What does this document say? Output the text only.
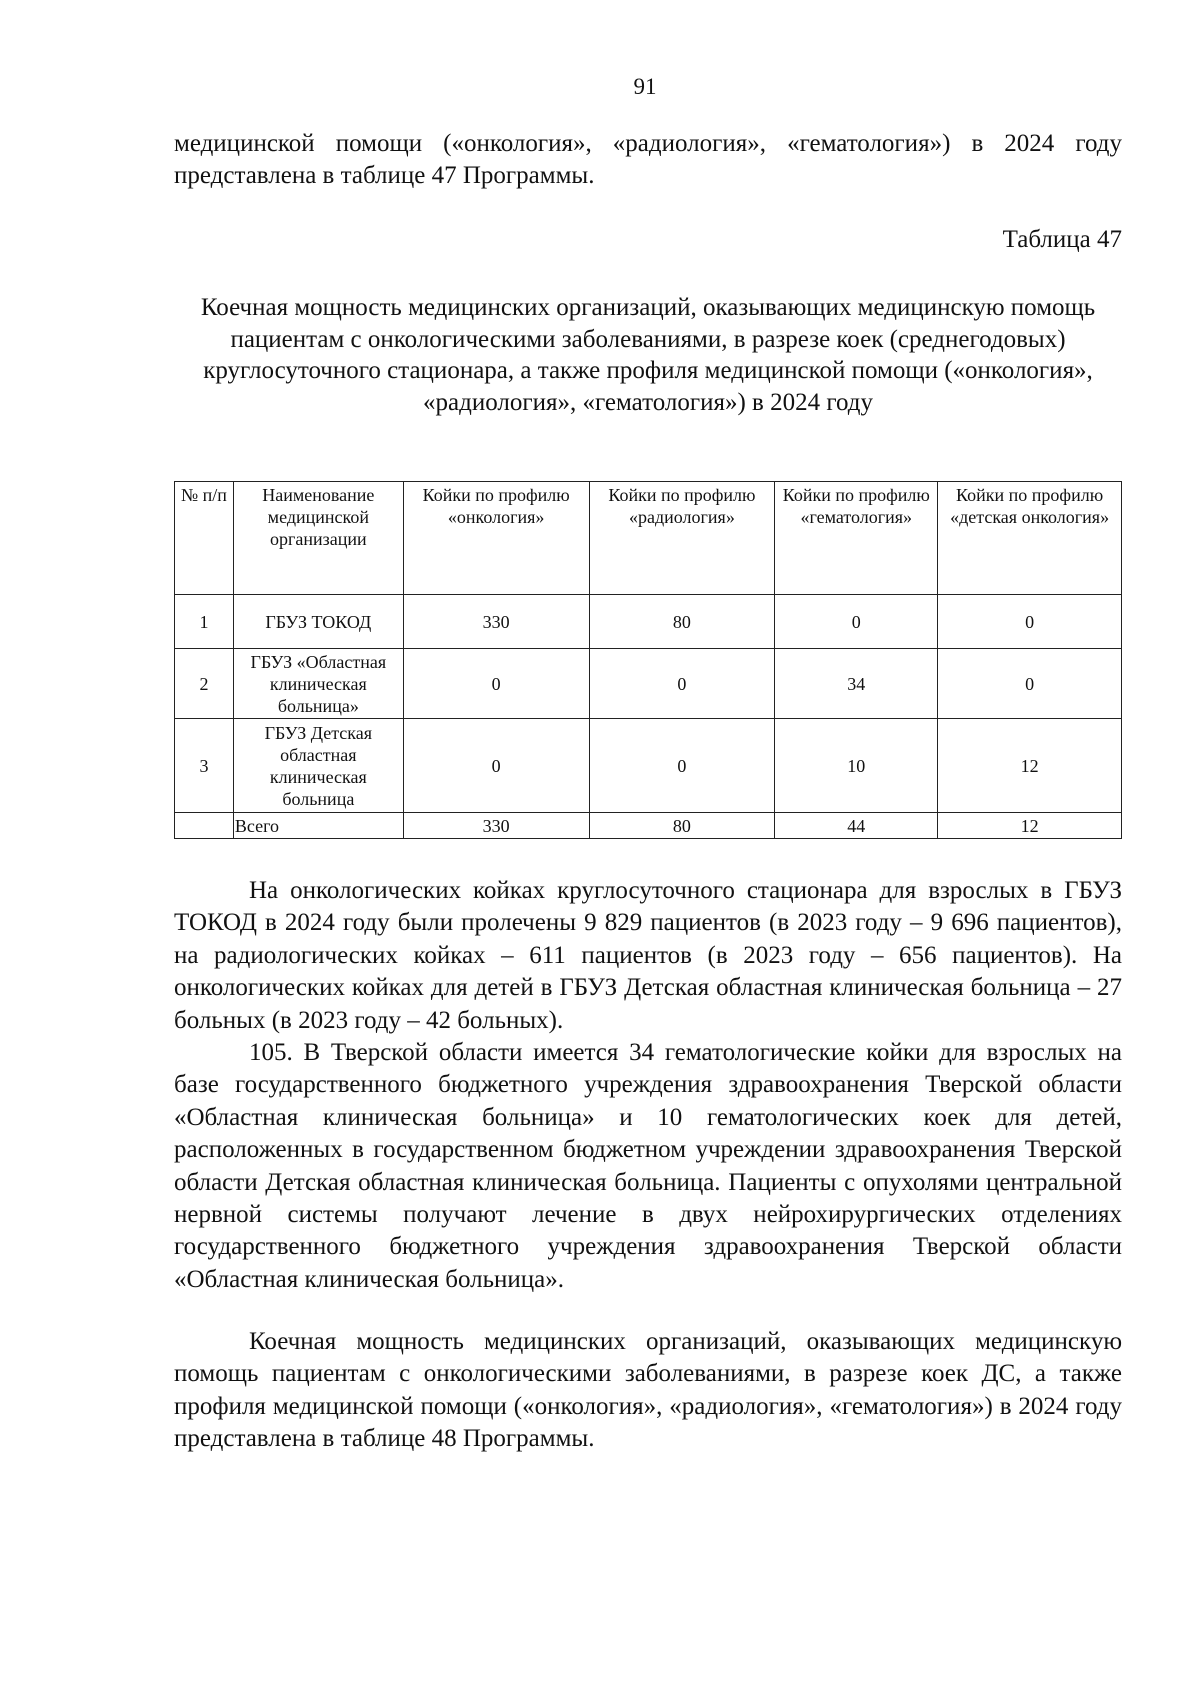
91
медицинской помощи («онкология», «радиология», «гематология») в 2024 году представлена в таблице 47 Программы.
Таблица 47
Коечная мощность медицинских организаций, оказывающих медицинскую помощь пациентам с онкологическими заболеваниями, в разрезе коек (среднегодовых) круглосуточного стационара, а также профиля медицинской помощи («онкология», «радиология», «гематология») в 2024 году
№ п/п	Наименование медицинской организации	Койки по профилю «онкология»	Койки по профилю «радиология»	Койки по профилю «гематология»	Койки по профилю «детская онкология»
1	ГБУЗ ТОКОД	330	80	0	0
2	ГБУЗ «Областная клиническая больница»	0	0	34	0
3	ГБУЗ Детская областная клиническая больница	0	0	10	12
	Всего	330	80	44	12
На онкологических койках круглосуточного стационара для взрослых в ГБУЗ ТОКОД в 2024 году были пролечены 9 829 пациентов (в 2023 году – 9 696 пациентов), на радиологических койках – 611 пациентов (в 2023 году – 656 пациентов). На онкологических койках для детей в ГБУЗ Детская областная клиническая больница – 27 больных (в 2023 году – 42 больных).
105. В Тверской области имеется 34 гематологические койки для взрослых на базе государственного бюджетного учреждения здравоохранения Тверской области «Областная клиническая больница» и 10 гематологических коек для детей, расположенных в государственном бюджетном учреждении здравоохранения Тверской области Детская областная клиническая больница. Пациенты с опухолями центральной нервной системы получают лечение в двух нейрохирургических отделениях государственного бюджетного учреждения здравоохранения Тверской области «Областная клиническая больница».
Коечная мощность медицинских организаций, оказывающих медицинскую помощь пациентам с онкологическими заболеваниями, в разрезе коек ДС, а также профиля медицинской помощи («онкология», «радиология», «гематология») в 2024 году представлена в таблице 48 Программы.
